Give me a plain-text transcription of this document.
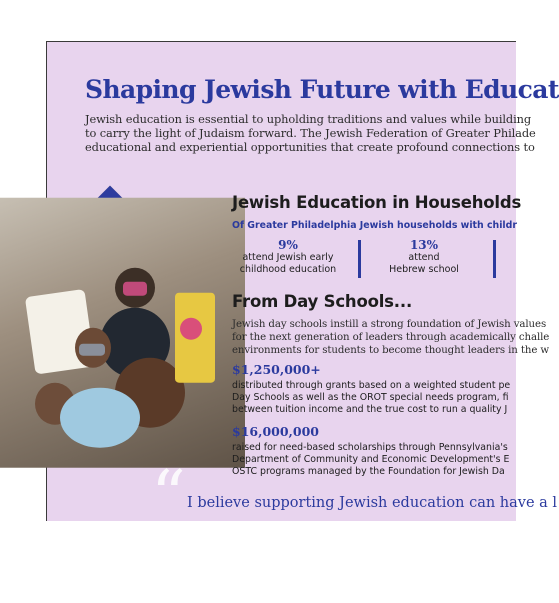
Shaping Jewish Future with Educat
Jewish education is essential to upholding traditions and values while building
to carry the light of Judaism forward. The Jewish Federation of Greater Philade
educational and experiential opportunities that create profound connections to
Jewish Education in Households
Of Greater Philadelphia Jewish households with childr
9%
attend Jewish early
childhood education
13%
attend
Hebrew school
From Day Schools...
Jewish day schools instill a strong foundation of Jewish values
for the next generation of leaders through academically challe
environments for students to become thought leaders in the w
$1,250,000+
distributed through grants based on a weighted student pe
Day Schools as well as the OROT special needs program, fi
between tuition income and the true cost to run a quality J
$16,000,000
raised for need-based scholarships through Pennsylvania's
Department of Community and Economic Development's E
OSTC programs managed by the Foundation for Jewish Da
“ I believe supporting Jewish education can have a l
